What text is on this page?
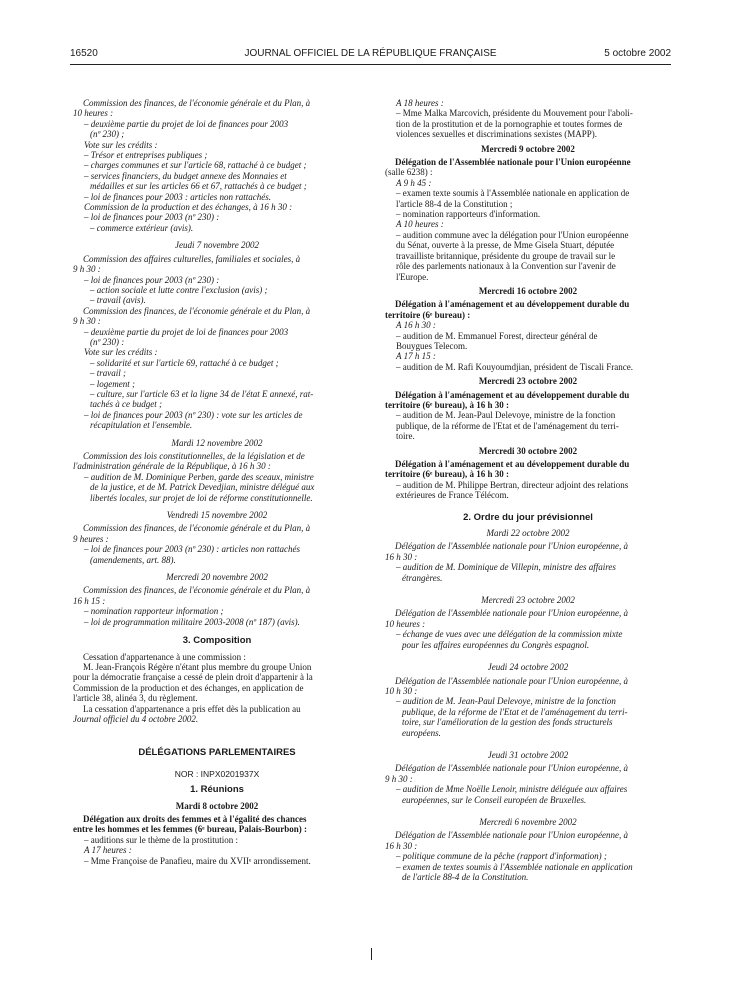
16520	JOURNAL OFFICIEL DE LA RÉPUBLIQUE FRANÇAISE	5 octobre 2002

Commission des finances, de l'économie générale et du Plan, à

10 heures :

– deuxième partie du projet de loi de finances pour 2003

(nº 230) ;

Vote sur les crédits :

– Trésor et entreprises publiques ;

– charges communes et sur l'article 68, rattaché à ce budget ;

– services financiers, du budget annexe des Monnaies et

médailles et sur les articles 66 et 67, rattachés à ce budget ;

– loi de finances pour 2003 : articles non rattachés.

Commission de la production et des échanges, à 16 h 30 :

– loi de finances pour 2003 (nº 230) :

– commerce extérieur (avis).

Jeudi 7 novembre 2002

Commission des affaires culturelles, familiales et sociales, à

9 h 30 :

– loi de finances pour 2003 (nº 230) :

– action sociale et lutte contre l'exclusion (avis) ;

– travail (avis).

Commission des finances, de l'économie générale et du Plan, à

9 h 30 :

– deuxième partie du projet de loi de finances pour 2003

(nº 230) :

Vote sur les crédits :

– solidarité et sur l'article 69, rattaché à ce budget ;

– travail ;

– logement ;

– culture, sur l'article 63 et la ligne 34 de l'état E annexé, rat-

tachés à ce budget ;

– loi de finances pour 2003 (nº 230) : vote sur les articles de

récapitulation et l'ensemble.

Mardi 12 novembre 2002

Commission des lois constitutionnelles, de la législation et de

l'administration générale de la République, à 16 h 30 :

– audition de M. Dominique Perben, garde des sceaux, ministre

de la justice, et de M. Patrick Devedjian, ministre délégué aux

libertés locales, sur projet de loi de réforme constitutionnelle.

Vendredi 15 novembre 2002

Commission des finances, de l'économie générale et du Plan, à

9 heures :

– loi de finances pour 2003 (nº 230) : articles non rattachés

(amendements, art. 88).

Mercredi 20 novembre 2002

Commission des finances, de l'économie générale et du Plan, à

16 h 15 :

– nomination rapporteur information ;

– loi de programmation militaire 2003-2008 (nº 187) (avis).

3. Composition

Cessation d'appartenance à une commission :

M. Jean-François Régère n'étant plus membre du groupe Union

pour la démocratie française a cessé de plein droit d'appartenir à la

Commission de la production et des échanges, en application de

l'article 38, alinéa 3, du règlement.

La cessation d'appartenance a pris effet dès la publication au

Journal officiel du 4 octobre 2002.

DÉLÉGATIONS PARLEMENTAIRES

NOR : INPX0201937X

1. Réunions

Mardi 8 octobre 2002

Délégation aux droits des femmes et à l'égalité des chances

entre les hommes et les femmes (6ᵉ bureau, Palais-Bourbon) :

– auditions sur le thème de la prostitution :

A 17 heures :

– Mme Françoise de Panafieu, maire du XVIIᵉ arrondissement.

A 18 heures :

– Mme Malka Marcovich, présidente du Mouvement pour l'aboli-

tion de la prostitution et de la pornographie et toutes formes de

violences sexuelles et discriminations sexistes (MAPP).

Mercredi 9 octobre 2002

Délégation de l'Assemblée nationale pour l'Union européenne

(salle 6238) :

A 9 h 45 :

– examen texte soumis à l'Assemblée nationale en application de

l'article 88-4 de la Constitution ;

– nomination rapporteurs d'information.

A 10 heures :

– audition commune avec la délégation pour l'Union européenne

du Sénat, ouverte à la presse, de Mme Gisela Stuart, députée

travailliste britannique, présidente du groupe de travail sur le

rôle des parlements nationaux à la Convention sur l'avenir de

l'Europe.

Mercredi 16 octobre 2002

Délégation à l'aménagement et au développement durable du

territoire (6ᵉ bureau) :

A 16 h 30 :

– audition de M. Emmanuel Forest, directeur général de

Bouygues Telecom.

A 17 h 15 :

– audition de M. Rafi Kouyoumdjian, président de Tiscali France.

Mercredi 23 octobre 2002

Délégation à l'aménagement et au développement durable du

territoire (6ᵉ bureau), à 16 h 30 :

– audition de M. Jean-Paul Delevoye, ministre de la fonction

publique, de la réforme de l'Etat et de l'aménagement du terri-

toire.

Mercredi 30 octobre 2002

Délégation à l'aménagement et au développement durable du

territoire (6ᵉ bureau), à 16 h 30 :

– audition de M. Philippe Bertran, directeur adjoint des relations

extérieures de France Télécom.

2. Ordre du jour prévisionnel

Mardi 22 octobre 2002

Délégation de l'Assemblée nationale pour l'Union européenne, à

16 h 30 :

– audition de M. Dominique de Villepin, ministre des affaires

étrangères.

Mercredi 23 octobre 2002

Délégation de l'Assemblée nationale pour l'Union européenne, à

10 heures :

– échange de vues avec une délégation de la commission mixte

pour les affaires européennes du Congrès espagnol.

Jeudi 24 octobre 2002

Délégation de l'Assemblée nationale pour l'Union européenne, à

10 h 30 :

– audition de M. Jean-Paul Delevoye, ministre de la fonction

publique, de la réforme de l'Etat et de l'aménagement du terri-

toire, sur l'amélioration de la gestion des fonds structurels

européens.

Jeudi 31 octobre 2002

Délégation de l'Assemblée nationale pour l'Union européenne, à

9 h 30 :

– audition de Mme Noëlle Lenoir, ministre déléguée aux affaires

européennes, sur le Conseil européen de Bruxelles.

Mercredi 6 novembre 2002

Délégation de l'Assemblée nationale pour l'Union européenne, à

16 h 30 :

– politique commune de la pêche (rapport d'information) ;

– examen de textes soumis à l'Assemblée nationale en application

de l'article 88-4 de la Constitution.
